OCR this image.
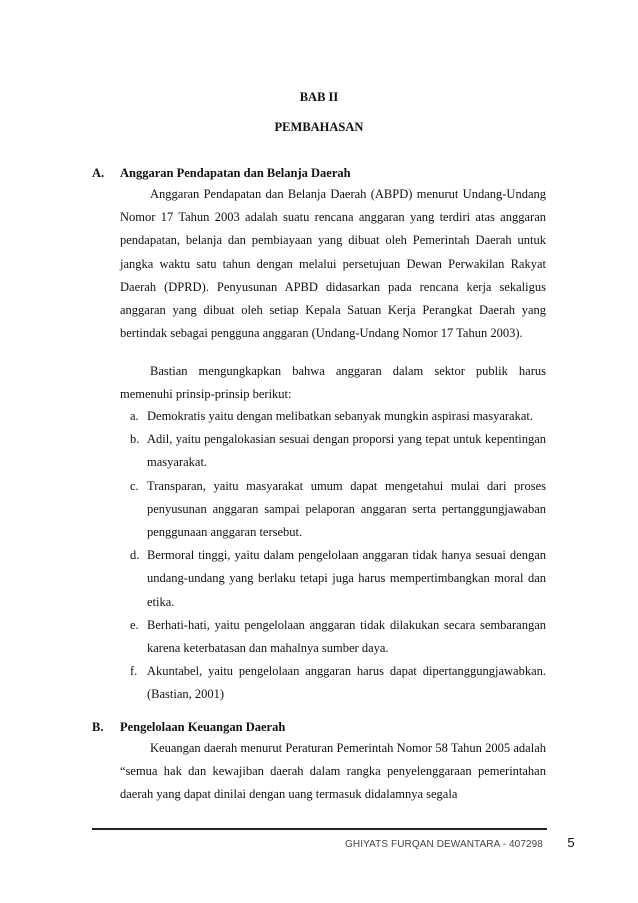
BAB II
PEMBAHASAN
A. Anggaran Pendapatan dan Belanja Daerah

Anggaran Pendapatan dan Belanja Daerah (ABPD) menurut Undang-Undang Nomor 17 Tahun 2003 adalah suatu rencana anggaran yang terdiri atas anggaran pendapatan, belanja dan pembiayaan yang dibuat oleh Pemerintah Daerah untuk jangka waktu satu tahun dengan melalui persetujuan Dewan Perwakilan Rakyat Daerah (DPRD). Penyusunan APBD didasarkan pada rencana kerja sekaligus anggaran yang dibuat oleh setiap Kepala Satuan Kerja Perangkat Daerah yang bertindak sebagai pengguna anggaran (Undang-Undang Nomor 17 Tahun 2003).

Bastian mengungkapkan bahwa anggaran dalam sektor publik harus memenuhi prinsip-prinsip berikut:

a. Demokratis yaitu dengan melibatkan sebanyak mungkin aspirasi masyarakat.
b. Adil, yaitu pengalokasian sesuai dengan proporsi yang tepat untuk kepentingan masyarakat.
c. Transparan, yaitu masyarakat umum dapat mengetahui mulai dari proses penyusunan anggaran sampai pelaporan anggaran serta pertanggungjawaban penggunaan anggaran tersebut.
d. Bermoral tinggi, yaitu dalam pengelolaan anggaran tidak hanya sesuai dengan undang-undang yang berlaku tetapi juga harus mempertimbangkan moral dan etika.
e. Berhati-hati, yaitu pengelolaan anggaran tidak dilakukan secara sembarangan karena keterbatasan dan mahalnya sumber daya.
f. Akuntabel, yaitu pengelolaan anggaran harus dapat dipertanggungjawabkan. (Bastian, 2001)
B. Pengelolaan Keuangan Daerah

Keuangan daerah menurut Peraturan Pemerintah Nomor 58 Tahun 2005 adalah “semua hak dan kewajiban daerah dalam rangka penyelenggaraan pemerintahan daerah yang dapat dinilai dengan uang termasuk didalamnya segala

GHIYATS FURQAN DEWANTARA - 407298	5
